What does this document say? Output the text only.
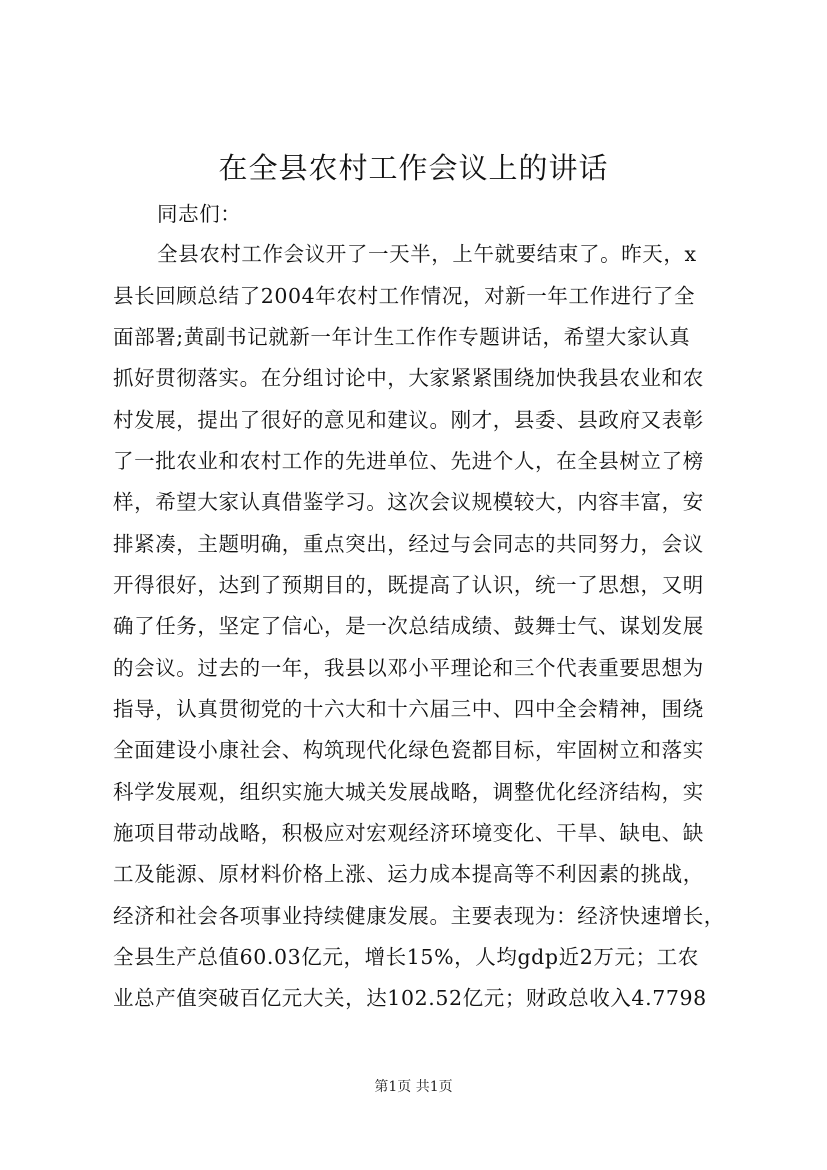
在全县农村工作会议上的讲话
同志们：
全县农村工作会议开了一天半，上午就要结束了。昨天，x
县长回顾总结了2004年农村工作情况，对新一年工作进行了全
面部署;黄副书记就新一年计生工作作专题讲话，希望大家认真
抓好贯彻落实。在分组讨论中，大家紧紧围绕加快我县农业和农
村发展，提出了很好的意见和建议。刚才，县委、县政府又表彰
了一批农业和农村工作的先进单位、先进个人，在全县树立了榜
样，希望大家认真借鉴学习。这次会议规模较大，内容丰富，安
排紧凑，主题明确，重点突出，经过与会同志的共同努力，会议
开得很好，达到了预期目的，既提高了认识，统一了思想，又明
确了任务，坚定了信心，是一次总结成绩、鼓舞士气、谋划发展
的会议。过去的一年，我县以邓小平理论和三个代表重要思想为
指导，认真贯彻党的十六大和十六届三中、四中全会精神，围绕
全面建设小康社会、构筑现代化绿色瓷都目标，牢固树立和落实
科学发展观，组织实施大城关发展战略，调整优化经济结构，实
施项目带动战略，积极应对宏观经济环境变化、干旱、缺电、缺
工及能源、原材料价格上涨、运力成本提高等不利因素的挑战，
经济和社会各项事业持续健康发展。主要表现为：经济快速增长，
全县生产总值60.03亿元，增长15%，人均gdp近2万元；工农
业总产值突破百亿元大关，达102.52亿元；财政总收入4.7798
第1页 共1页
